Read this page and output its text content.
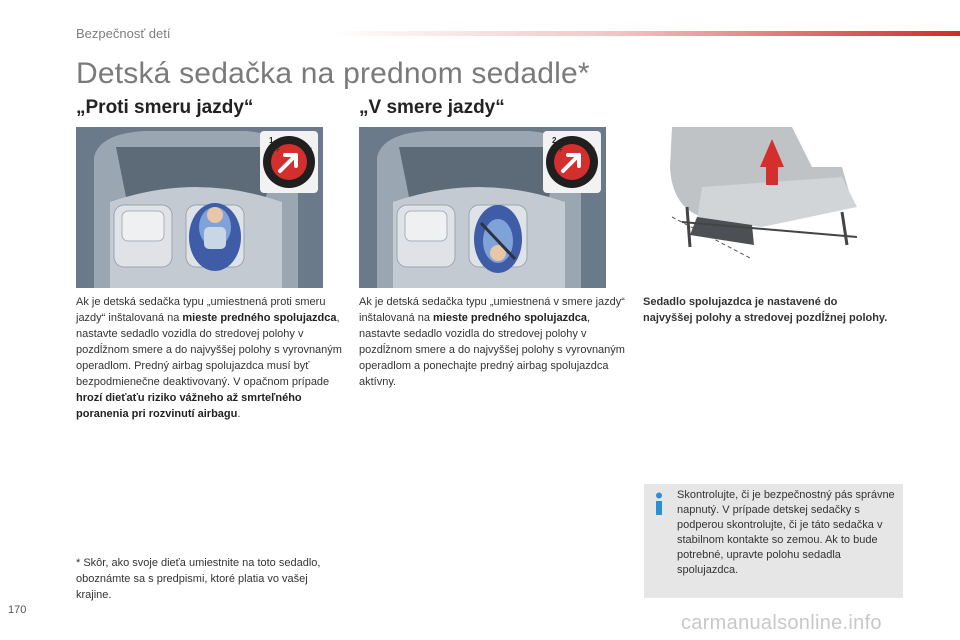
Bezpečnosť detí
Detská sedačka na prednom sedadle*
„Proti smeru jazdy“	„V smere jazdy“
1
OFF	ON
2
OFF	ON
Ak je detská sedačka typu „umiestnená proti smeru jazdy“ inštalovaná na mieste predného spolujazdca, nastavte sedadlo vozidla do stredovej polohy v pozdĺžnom smere a do najvyššej polohy s vyrovnaným operadlom. Predný airbag spolujazdca musí byť bezpodmienečne deaktivovaný. V opačnom prípade hrozí dieťaťu riziko vážneho až smrteľného poranenia pri rozvinutí airbagu.
Ak je detská sedačka typu „umiestnená v smere jazdy“ inštalovaná na mieste predného spolujazdca, nastavte sedadlo vozidla do stredovej polohy v pozdĺžnom smere a do najvyššej polohy s vyrovnaným operadlom a ponechajte predný airbag spolujazdca aktívny.
Sedadlo spolujazdca je nastavené do najvyššej polohy a stredovej pozdĺžnej polohy.
Skontrolujte, či je bezpečnostný pás správne napnutý. V prípade detskej sedačky s podperou skontrolujte, či je táto sedačka v stabilnom kontakte so zemou. Ak to bude potrebné, upravte polohu sedadla spolujazdca.
* Skôr, ako svoje dieťa umiestnite na toto sedadlo, oboznámte sa s predpismi, ktoré platia vo vašej krajine.
170
carmanualsonline.info
